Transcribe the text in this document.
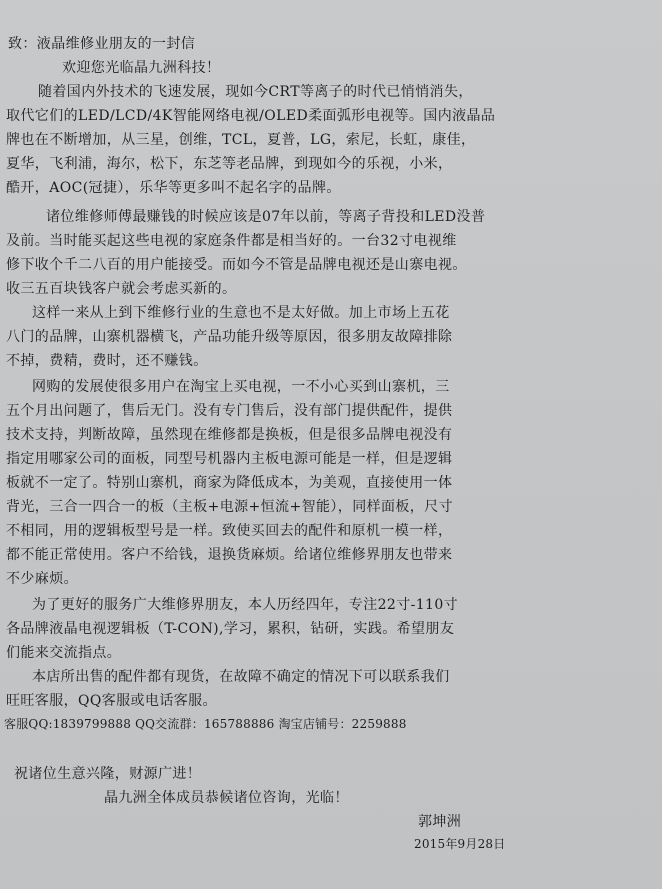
致：液晶维修业朋友的一封信
欢迎您光临晶九洲科技！
随着国内外技术的飞速发展，现如今CRT等离子的时代已悄悄消失，
取代它们的LED/LCD/4K智能网络电视/OLED柔面弧形电视等。国内液晶品
牌也在不断增加，从三星，创维，TCL，夏普，LG，索尼，长虹，康佳，
夏华，飞利浦，海尔，松下，东芝等老品牌，到现如今的乐视，小米，
酷开，AOC(冠捷），乐华等更多叫不起名字的品牌。
诸位维修师傅最赚钱的时候应该是07年以前，等离子背投和LED没普
及前。当时能买起这些电视的家庭条件都是相当好的。一台32寸电视维
修下收个千二八百的用户能接受。而如今不管是品牌电视还是山寨电视。
收三五百块钱客户就会考虑买新的。
这样一来从上到下维修行业的生意也不是太好做。加上市场上五花
八门的品牌，山寨机器横飞，产品功能升级等原因，很多朋友故障排除
不掉，费精，费时，还不赚钱。
网购的发展使很多用户在淘宝上买电视，一不小心买到山寨机，三
五个月出问题了，售后无门。没有专门售后，没有部门提供配件，提供
技术支持，判断故障，虽然现在维修都是换板，但是很多品牌电视没有
指定用哪家公司的面板，同型号机器内主板电源可能是一样，但是逻辑
板就不一定了。特别山寨机，商家为降低成本，为美观，直接使用一体
背光，三合一四合一的板（主板+电源+恒流+智能），同样面板，尺寸
不相同，用的逻辑板型号是一样。致使买回去的配件和原机一模一样，
都不能正常使用。客户不给钱，退换货麻烦。给诸位维修界朋友也带来
不少麻烦。
为了更好的服务广大维修界朋友，本人历经四年，专注22寸-110寸
各品牌液晶电视逻辑板（T-CON),学习，累积，钻研，实践。希望朋友
们能来交流指点。
本店所出售的配件都有现货，在故障不确定的情况下可以联系我们
旺旺客服，QQ客服或电话客服。
客服QQ:1839799888 QQ交流群：165788886 淘宝店铺号：2259888
祝诸位生意兴隆，财源广进！
晶九洲全体成员恭候诸位咨询，光临！
郭坤洲
2015年9月28日
